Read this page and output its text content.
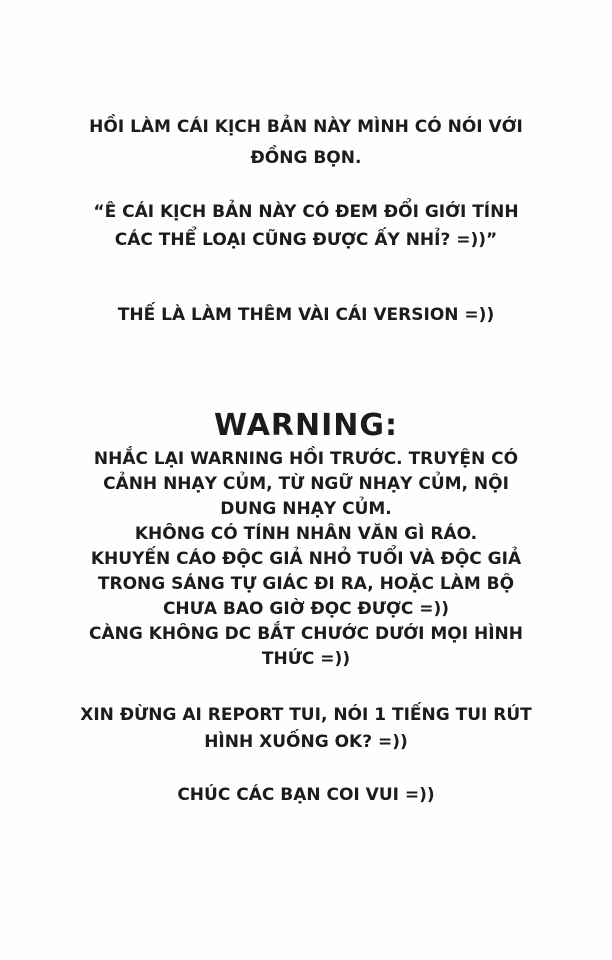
HỒI LÀM CÁI KỊCH BẢN NÀY MÌNH CÓ NÓI VỚI
ĐỒNG BỌN.
“Ê CÁI KỊCH BẢN NÀY CÓ ĐEM ĐỔI GIỚI TÍNH
CÁC THỂ LOẠI CŨNG ĐƯỢC ẤY NHỈ? =))”
THẾ LÀ LÀM THÊM VÀI CÁI VERSION =))
WARNING:
NHẮC LẠI WARNING HỒI TRƯỚC. TRUYỆN CÓ
CẢNH NHẠY CỦM, TỪ NGỮ NHẠY CỦM, NỘI
DUNG NHẠY CỦM.
KHÔNG CÓ TÍNH NHÂN VĂN GÌ RÁO.
KHUYẾN CÁO ĐỘC GIẢ NHỎ TUỔI VÀ ĐỘC GIẢ
TRONG SÁNG TỰ GIÁC ĐI RA, HOẶC LÀM BỘ
CHƯA BAO GIỜ ĐỌC ĐƯỢC =))
CÀNG KHÔNG DC BẮT CHƯỚC DƯỚI MỌI HÌNH
THỨC =))
XIN ĐỪNG AI REPORT TUI, NÓI 1 TIẾNG TUI RÚT
HÌNH XUỐNG OK? =))
CHÚC CÁC BẠN COI VUI =))
